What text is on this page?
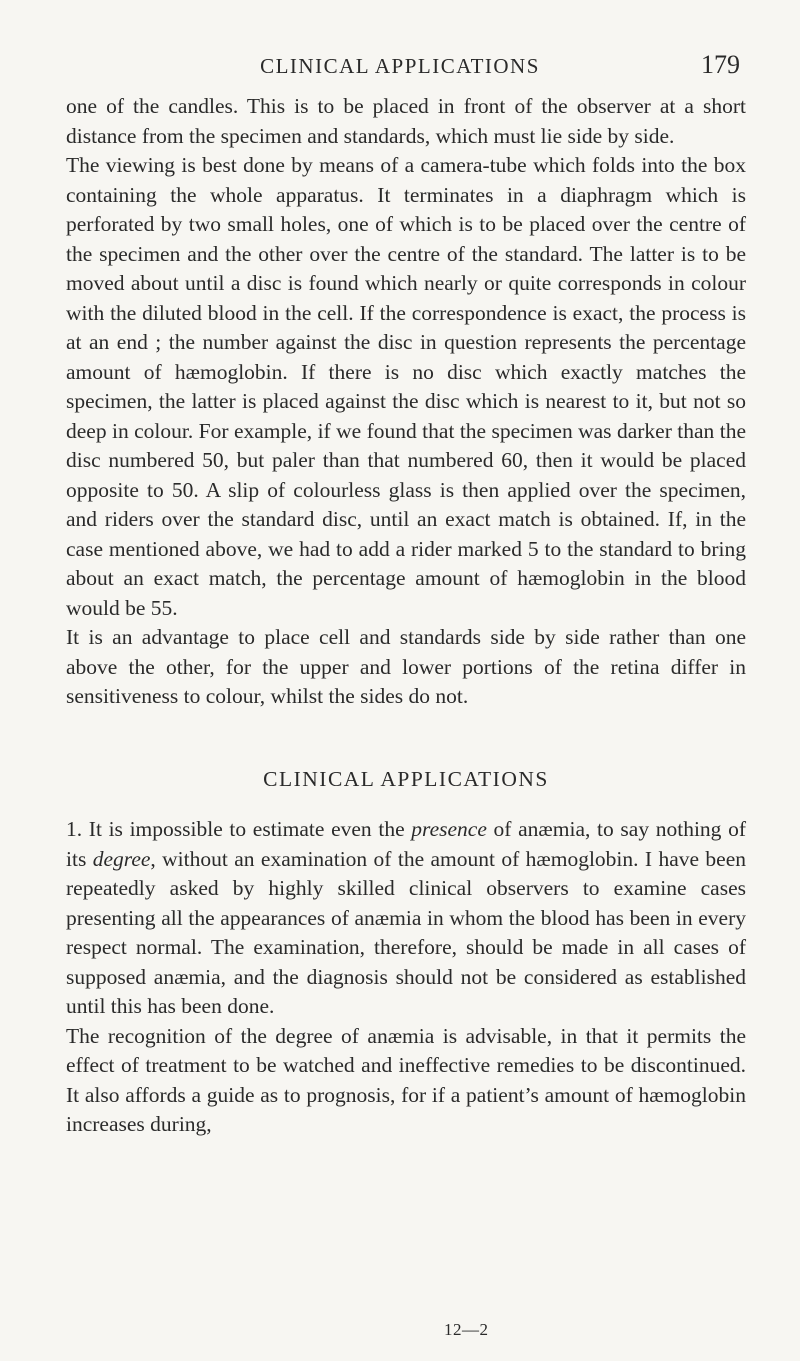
CLINICAL APPLICATIONS	179

one of the candles. This is to be placed in front of the observer at a short distance from the specimen and standards, which must lie side by side.

The viewing is best done by means of a camera-tube which folds into the box containing the whole apparatus. It terminates in a diaphragm which is perforated by two small holes, one of which is to be placed over the centre of the specimen and the other over the centre of the standard. The latter is to be moved about until a disc is found which nearly or quite corresponds in colour with the diluted blood in the cell. If the correspondence is exact, the process is at an end ; the number against the disc in question represents the percentage amount of hæmoglobin. If there is no disc which exactly matches the specimen, the latter is placed against the disc which is nearest to it, but not so deep in colour. For example, if we found that the specimen was darker than the disc numbered 50, but paler than that numbered 60, then it would be placed opposite to 50. A slip of colourless glass is then applied over the specimen, and riders over the standard disc, until an exact match is obtained. If, in the case mentioned above, we had to add a rider marked 5 to the standard to bring about an exact match, the percentage amount of hæmoglobin in the blood would be 55.

It is an advantage to place cell and standards side by side rather than one above the other, for the upper and lower portions of the retina differ in sensitiveness to colour, whilst the sides do not.

CLINICAL APPLICATIONS

1. It is impossible to estimate even the presence of anæmia, to say nothing of its degree, without an examination of the amount of hæmoglobin. I have been repeatedly asked by highly skilled clinical observers to examine cases presenting all the appearances of anæmia in whom the blood has been in every respect normal. The examination, therefore, should be made in all cases of supposed anæmia, and the diagnosis should not be considered as established until this has been done.

The recognition of the degree of anæmia is advisable, in that it permits the effect of treatment to be watched and ineffective remedies to be discontinued. It also affords a guide as to prognosis, for if a patient’s amount of hæmoglobin increases during,

12—2
